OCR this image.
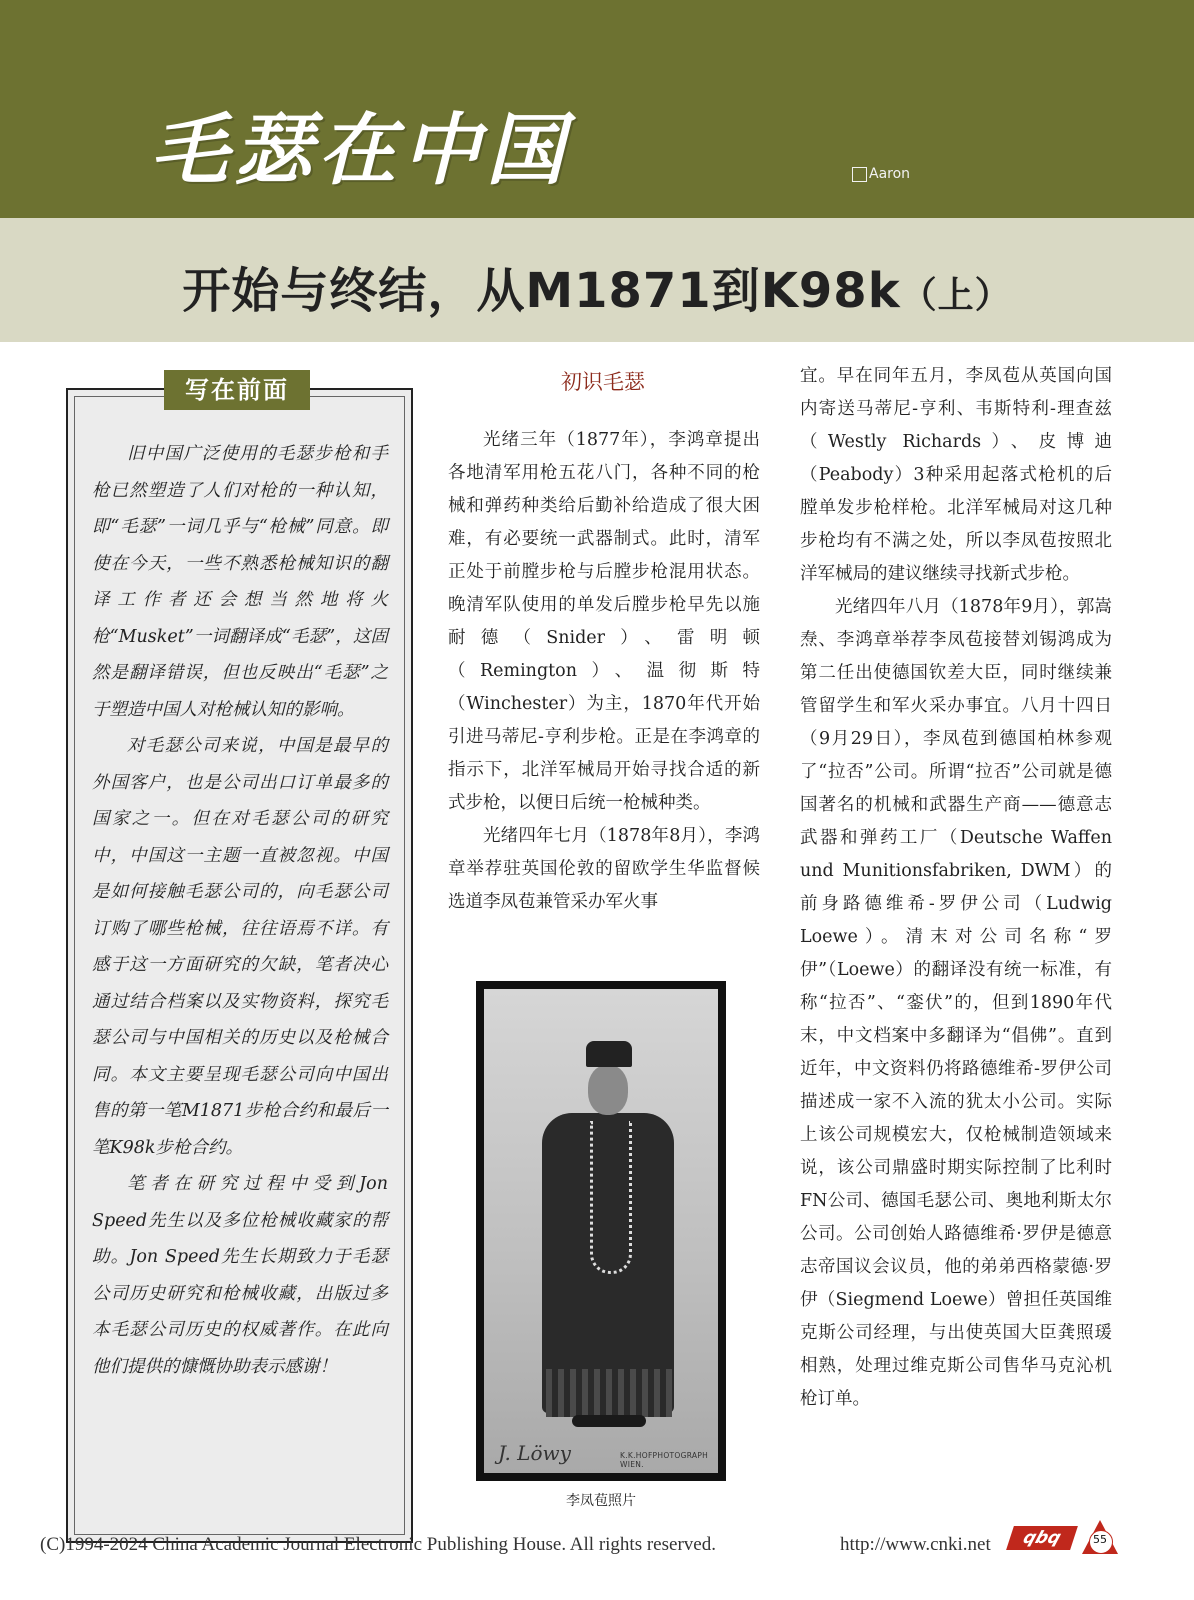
毛瑟在中国	Aaron
开始与终结，从M1871到K98k（上）
写在前面

旧中国广泛使用的毛瑟步枪和手枪已然塑造了人们对枪的一种认知，即“毛瑟”一词几乎与“枪械”同意。即使在今天，一些不熟悉枪械知识的翻译工作者还会想当然地将火枪“Musket”一词翻译成“毛瑟”，这固然是翻译错误，但也反映出“毛瑟”之于塑造中国人对枪械认知的影响。

对毛瑟公司来说，中国是最早的外国客户，也是公司出口订单最多的国家之一。但在对毛瑟公司的研究中，中国这一主题一直被忽视。中国是如何接触毛瑟公司的，向毛瑟公司订购了哪些枪械，往往语焉不详。有感于这一方面研究的欠缺，笔者决心通过结合档案以及实物资料，探究毛瑟公司与中国相关的历史以及枪械合同。本文主要呈现毛瑟公司向中国出售的第一笔M1871步枪合约和最后一笔K98k步枪合约。

笔者在研究过程中受到Jon Speed先生以及多位枪械收藏家的帮助。Jon Speed先生长期致力于毛瑟公司历史研究和枪械收藏，出版过多本毛瑟公司历史的权威著作。在此向他们提供的慷慨协助表示感谢！

初识毛瑟

光绪三年（1877年），李鸿章提出各地清军用枪五花八门，各种不同的枪械和弹药种类给后勤补给造成了很大困难，有必要统一武器制式。此时，清军正处于前膛步枪与后膛步枪混用状态。晚清军队使用的单发后膛步枪早先以施耐德（Snider）、雷明顿（Remington）、温彻斯特（Winchester）为主，1870年代开始引进马蒂尼-亨利步枪。正是在李鸿章的指示下，北洋军械局开始寻找合适的新式步枪，以便日后统一枪械种类。

光绪四年七月（1878年8月），李鸿章举荐驻英国伦敦的留欧学生华监督候选道李凤苞兼管采办军火事

J. Löwy	K.K.HOFPHOTOGRAPH WIEN.
李凤苞照片

宜。早在同年五月，李凤苞从英国向国内寄送马蒂尼-亨利、韦斯特利-理查兹（Westly Richards）、皮博迪（Peabody）3种采用起落式枪机的后膛单发步枪样枪。北洋军械局对这几种步枪均有不满之处，所以李凤苞按照北洋军械局的建议继续寻找新式步枪。

光绪四年八月（1878年9月），郭嵩焘、李鸿章举荐李凤苞接替刘锡鸿成为第二任出使德国钦差大臣，同时继续兼管留学生和军火采办事宜。八月十四日（9月29日），李凤苞到德国柏林参观了“拉否”公司。所谓“拉否”公司就是德国著名的机械和武器生产商——德意志武器和弹药工厂（Deutsche Waffen und Munitionsfabriken, DWM）的前身路德维希-罗伊公司（Ludwig Loewe）。清末对公司名称“罗伊”（Loewe）的翻译没有统一标准，有称“拉否”、“銮伏”的，但到1890年代末，中文档案中多翻译为“倡佛”。直到近年，中文资料仍将路德维希-罗伊公司描述成一家不入流的犹太小公司。实际上该公司规模宏大，仅枪械制造领域来说，该公司鼎盛时期实际控制了比利时FN公司、德国毛瑟公司、奥地利斯太尔公司。公司创始人路德维希·罗伊是德意志帝国议会议员，他的弟弟西格蒙德·罗伊（Siegmend Loewe）曾担任英国维克斯公司经理，与出使英国大臣龚照瑗相熟，处理过维克斯公司售华马克沁机枪订单。

(C)1994-2024 China Academic Journal Electronic Publishing House. All rights reserved.	http://www.cnki.net	qbq	55
